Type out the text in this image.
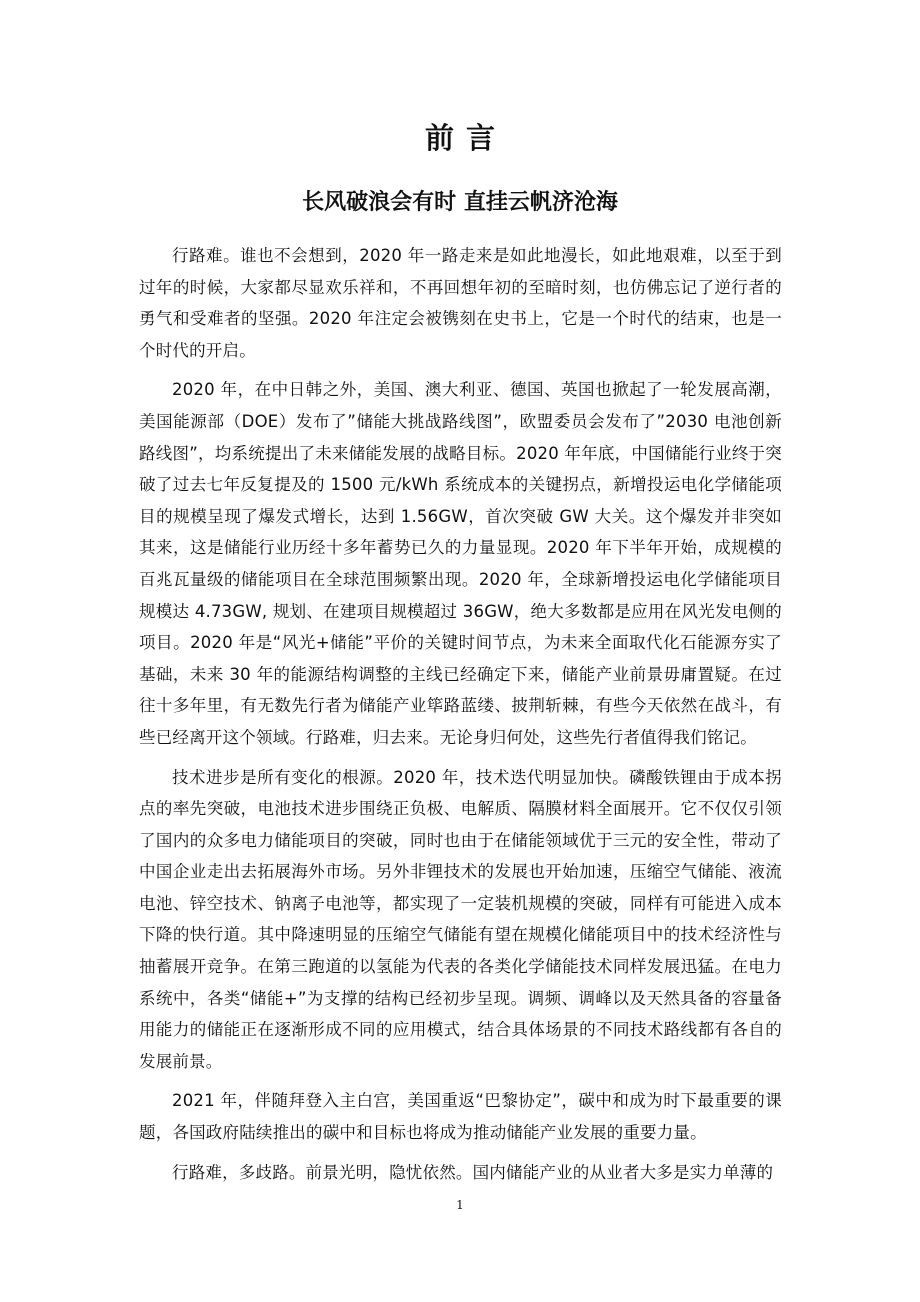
前言
长风破浪会有时 直挂云帆济沧海

行路难。谁也不会想到，2020 年一路走来是如此地漫长，如此地艰难，以至于到过年的时候，大家都尽显欢乐祥和，不再回想年初的至暗时刻，也仿佛忘记了逆行者的勇气和受难者的坚强。2020 年注定会被镌刻在史书上，它是一个时代的结束，也是一个时代的开启。

2020 年，在中日韩之外，美国、澳大利亚、德国、英国也掀起了一轮发展高潮，美国能源部（DOE）发布了”储能大挑战路线图”，欧盟委员会发布了”2030 电池创新路线图”，均系统提出了未来储能发展的战略目标。2020 年年底，中国储能行业终于突破了过去七年反复提及的 1500 元/kWh 系统成本的关键拐点，新增投运电化学储能项目的规模呈现了爆发式增长，达到 1.56GW，首次突破 GW 大关。这个爆发并非突如其来，这是储能行业历经十多年蓄势已久的力量显现。2020 年下半年开始，成规模的百兆瓦量级的储能项目在全球范围频繁出现。2020 年，全球新增投运电化学储能项目规模达 4.73GW, 规划、在建项目规模超过 36GW，绝大多数都是应用在风光发电侧的项目。2020 年是“风光+储能”平价的关键时间节点，为未来全面取代化石能源夯实了基础，未来 30 年的能源结构调整的主线已经确定下来，储能产业前景毋庸置疑。在过往十多年里，有无数先行者为储能产业筚路蓝缕、披荆斩棘，有些今天依然在战斗，有些已经离开这个领域。行路难，归去来。无论身归何处，这些先行者值得我们铭记。

技术进步是所有变化的根源。2020 年，技术迭代明显加快。磷酸铁锂由于成本拐点的率先突破，电池技术进步围绕正负极、电解质、隔膜材料全面展开。它不仅仅引领了国内的众多电力储能项目的突破，同时也由于在储能领域优于三元的安全性，带动了中国企业走出去拓展海外市场。另外非锂技术的发展也开始加速，压缩空气储能、液流电池、锌空技术、钠离子电池等，都实现了一定装机规模的突破，同样有可能进入成本下降的快行道。其中降速明显的压缩空气储能有望在规模化储能项目中的技术经济性与抽蓄展开竞争。在第三跑道的以氢能为代表的各类化学储能技术同样发展迅猛。在电力系统中，各类“储能+”为支撑的结构已经初步呈现。调频、调峰以及天然具备的容量备用能力的储能正在逐渐形成不同的应用模式，结合具体场景的不同技术路线都有各自的发展前景。

2021 年，伴随拜登入主白宫，美国重返“巴黎协定”，碳中和成为时下最重要的课题，各国政府陆续推出的碳中和目标也将成为推动储能产业发展的重要力量。

行路难，多歧路。前景光明，隐忧依然。国内储能产业的从业者大多是实力单薄的

1
